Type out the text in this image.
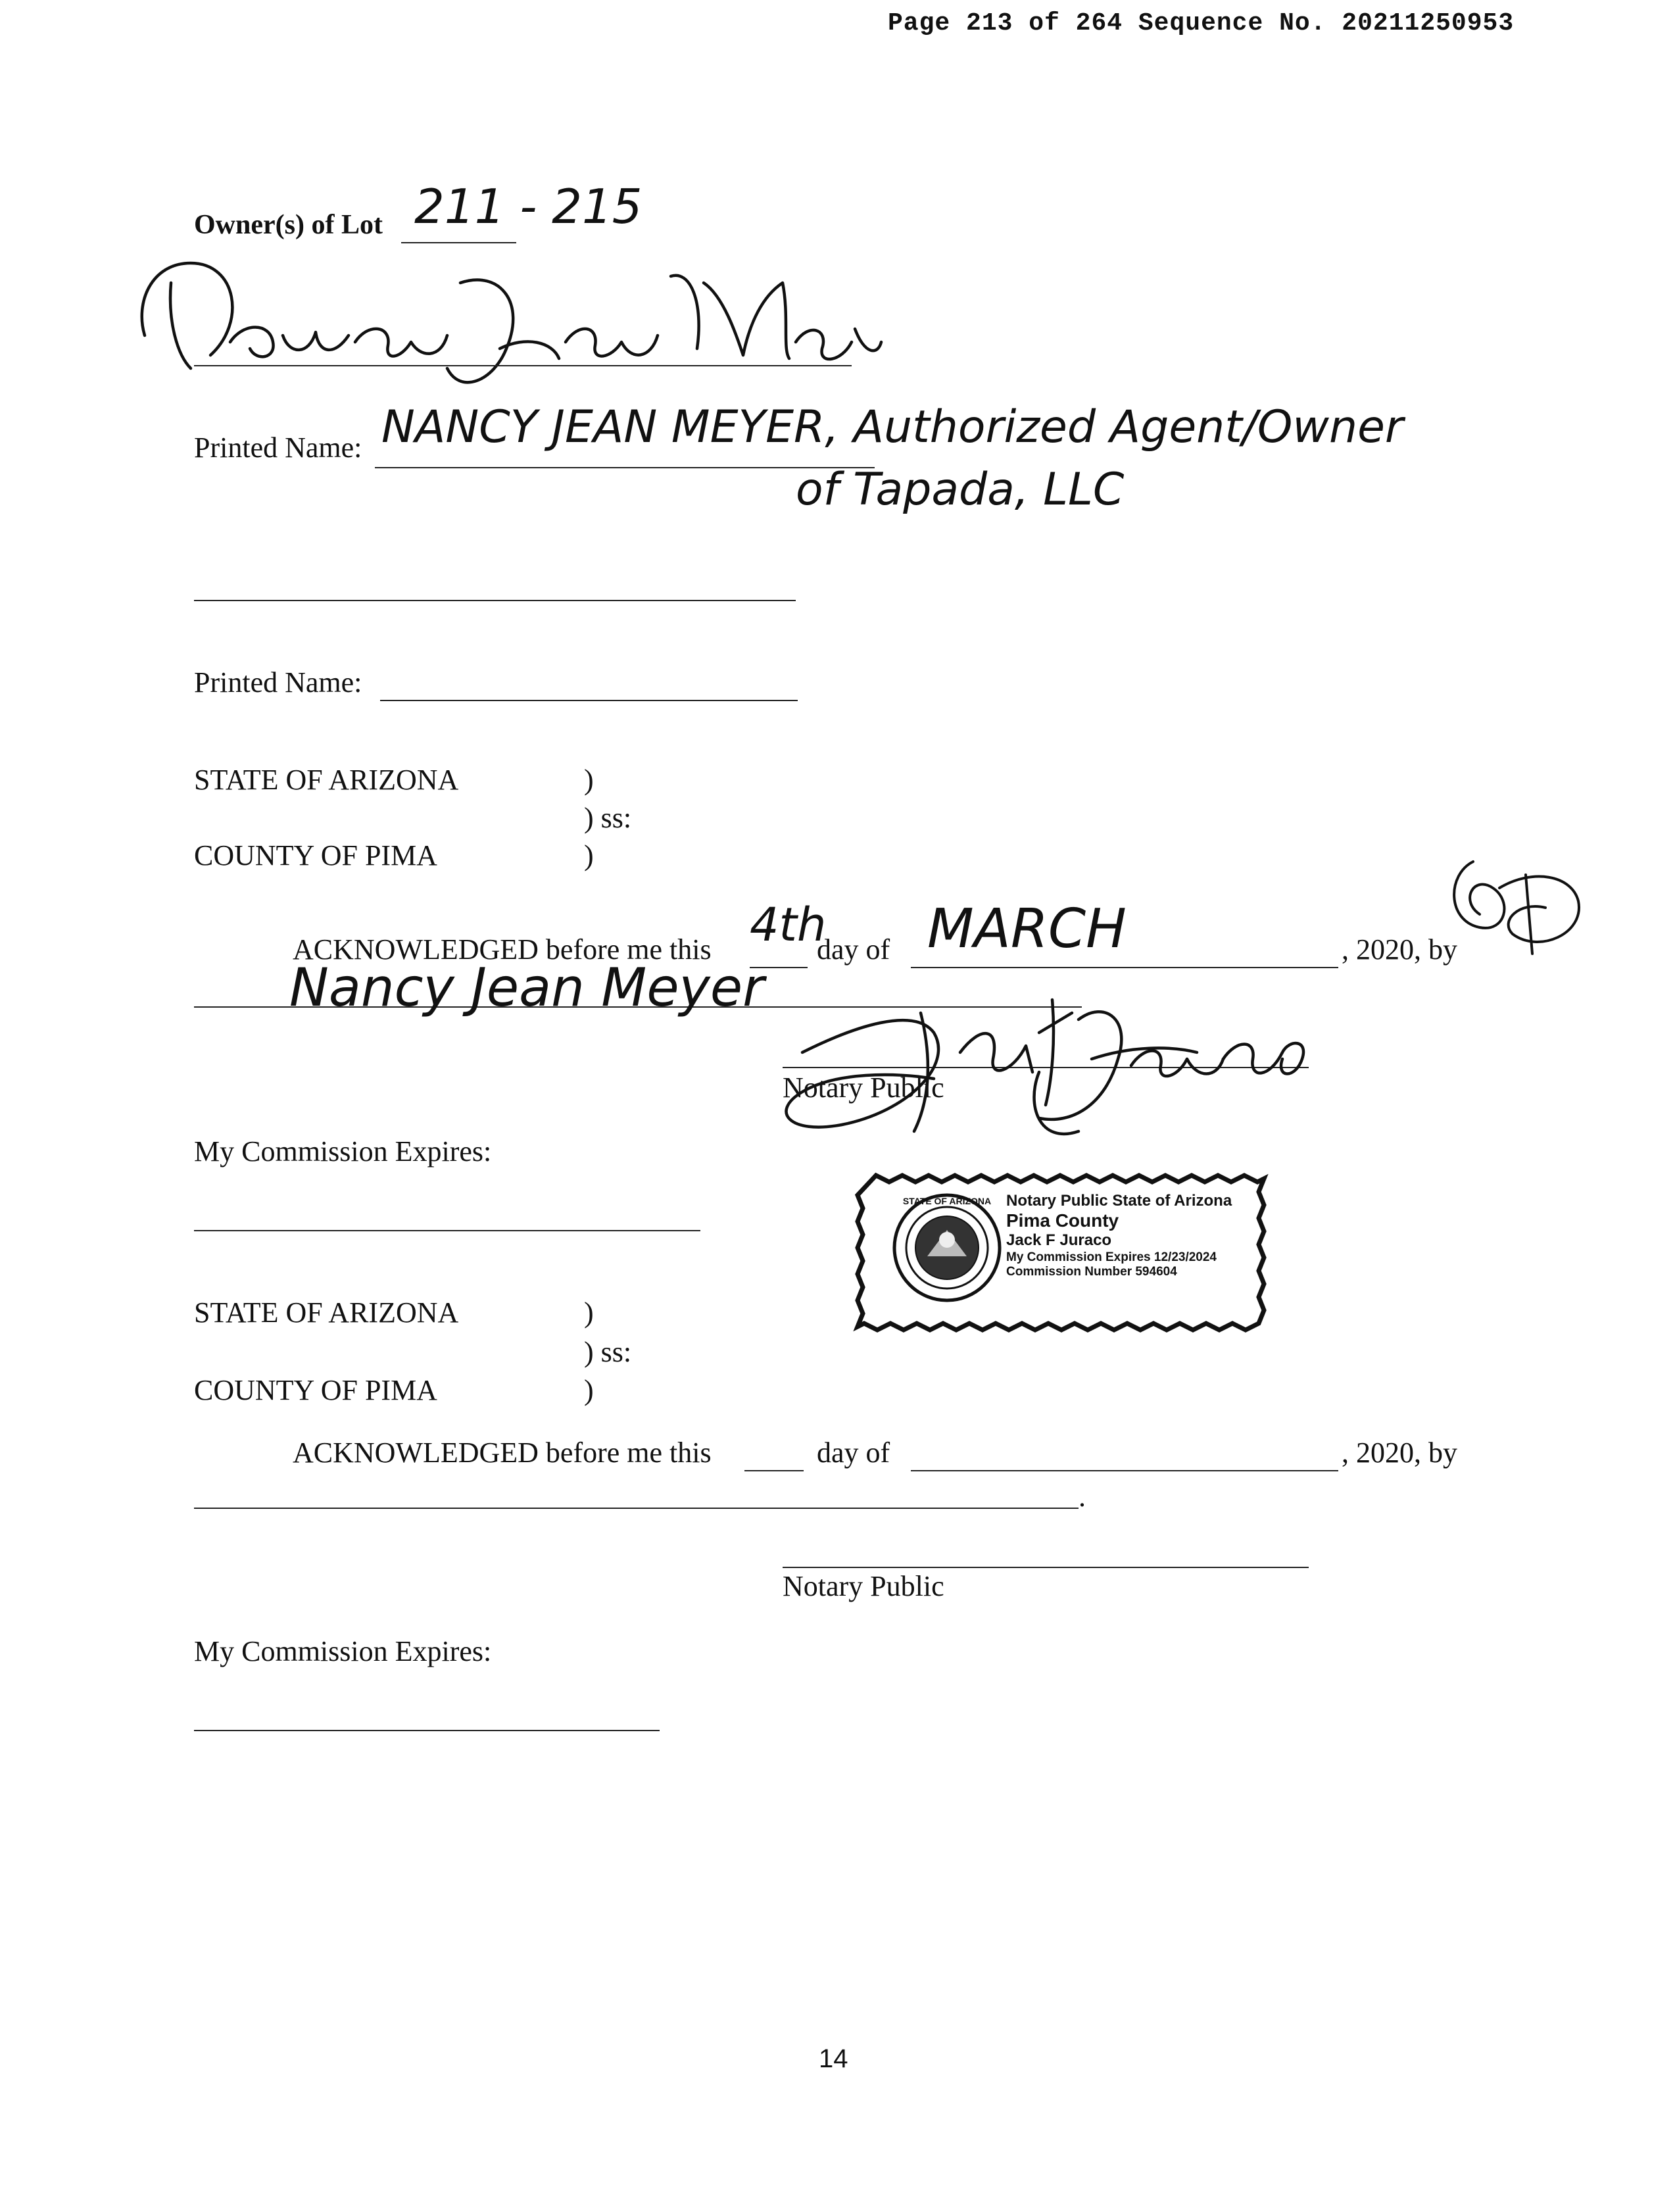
Page 213 of 264 Sequence No. 20211250953
Owner(s) of Lot 211 - 215
Printed Name: NANCY JEAN MEYER, Authorized Agent/Owner
of Tapada, LLC
Printed Name:
STATE OF ARIZONA	)
) ss:
COUNTY OF PIMA	)
ACKNOWLEDGED before me this 4th
day of MARCH	, 2020, by
Nancy Jean Meyer
Notary Public
My Commission Expires:
STATE OF ARIZONA Notary Public State of Arizona
Pima County
Jack F Juraco
My Commission Expires 12/23/2024
Commission Number 594604
STATE OF ARIZONA	)
) ss:
COUNTY OF PIMA	)
ACKNOWLEDGED before me this	day of	, 2020, by
.
Notary Public
My Commission Expires:
14
